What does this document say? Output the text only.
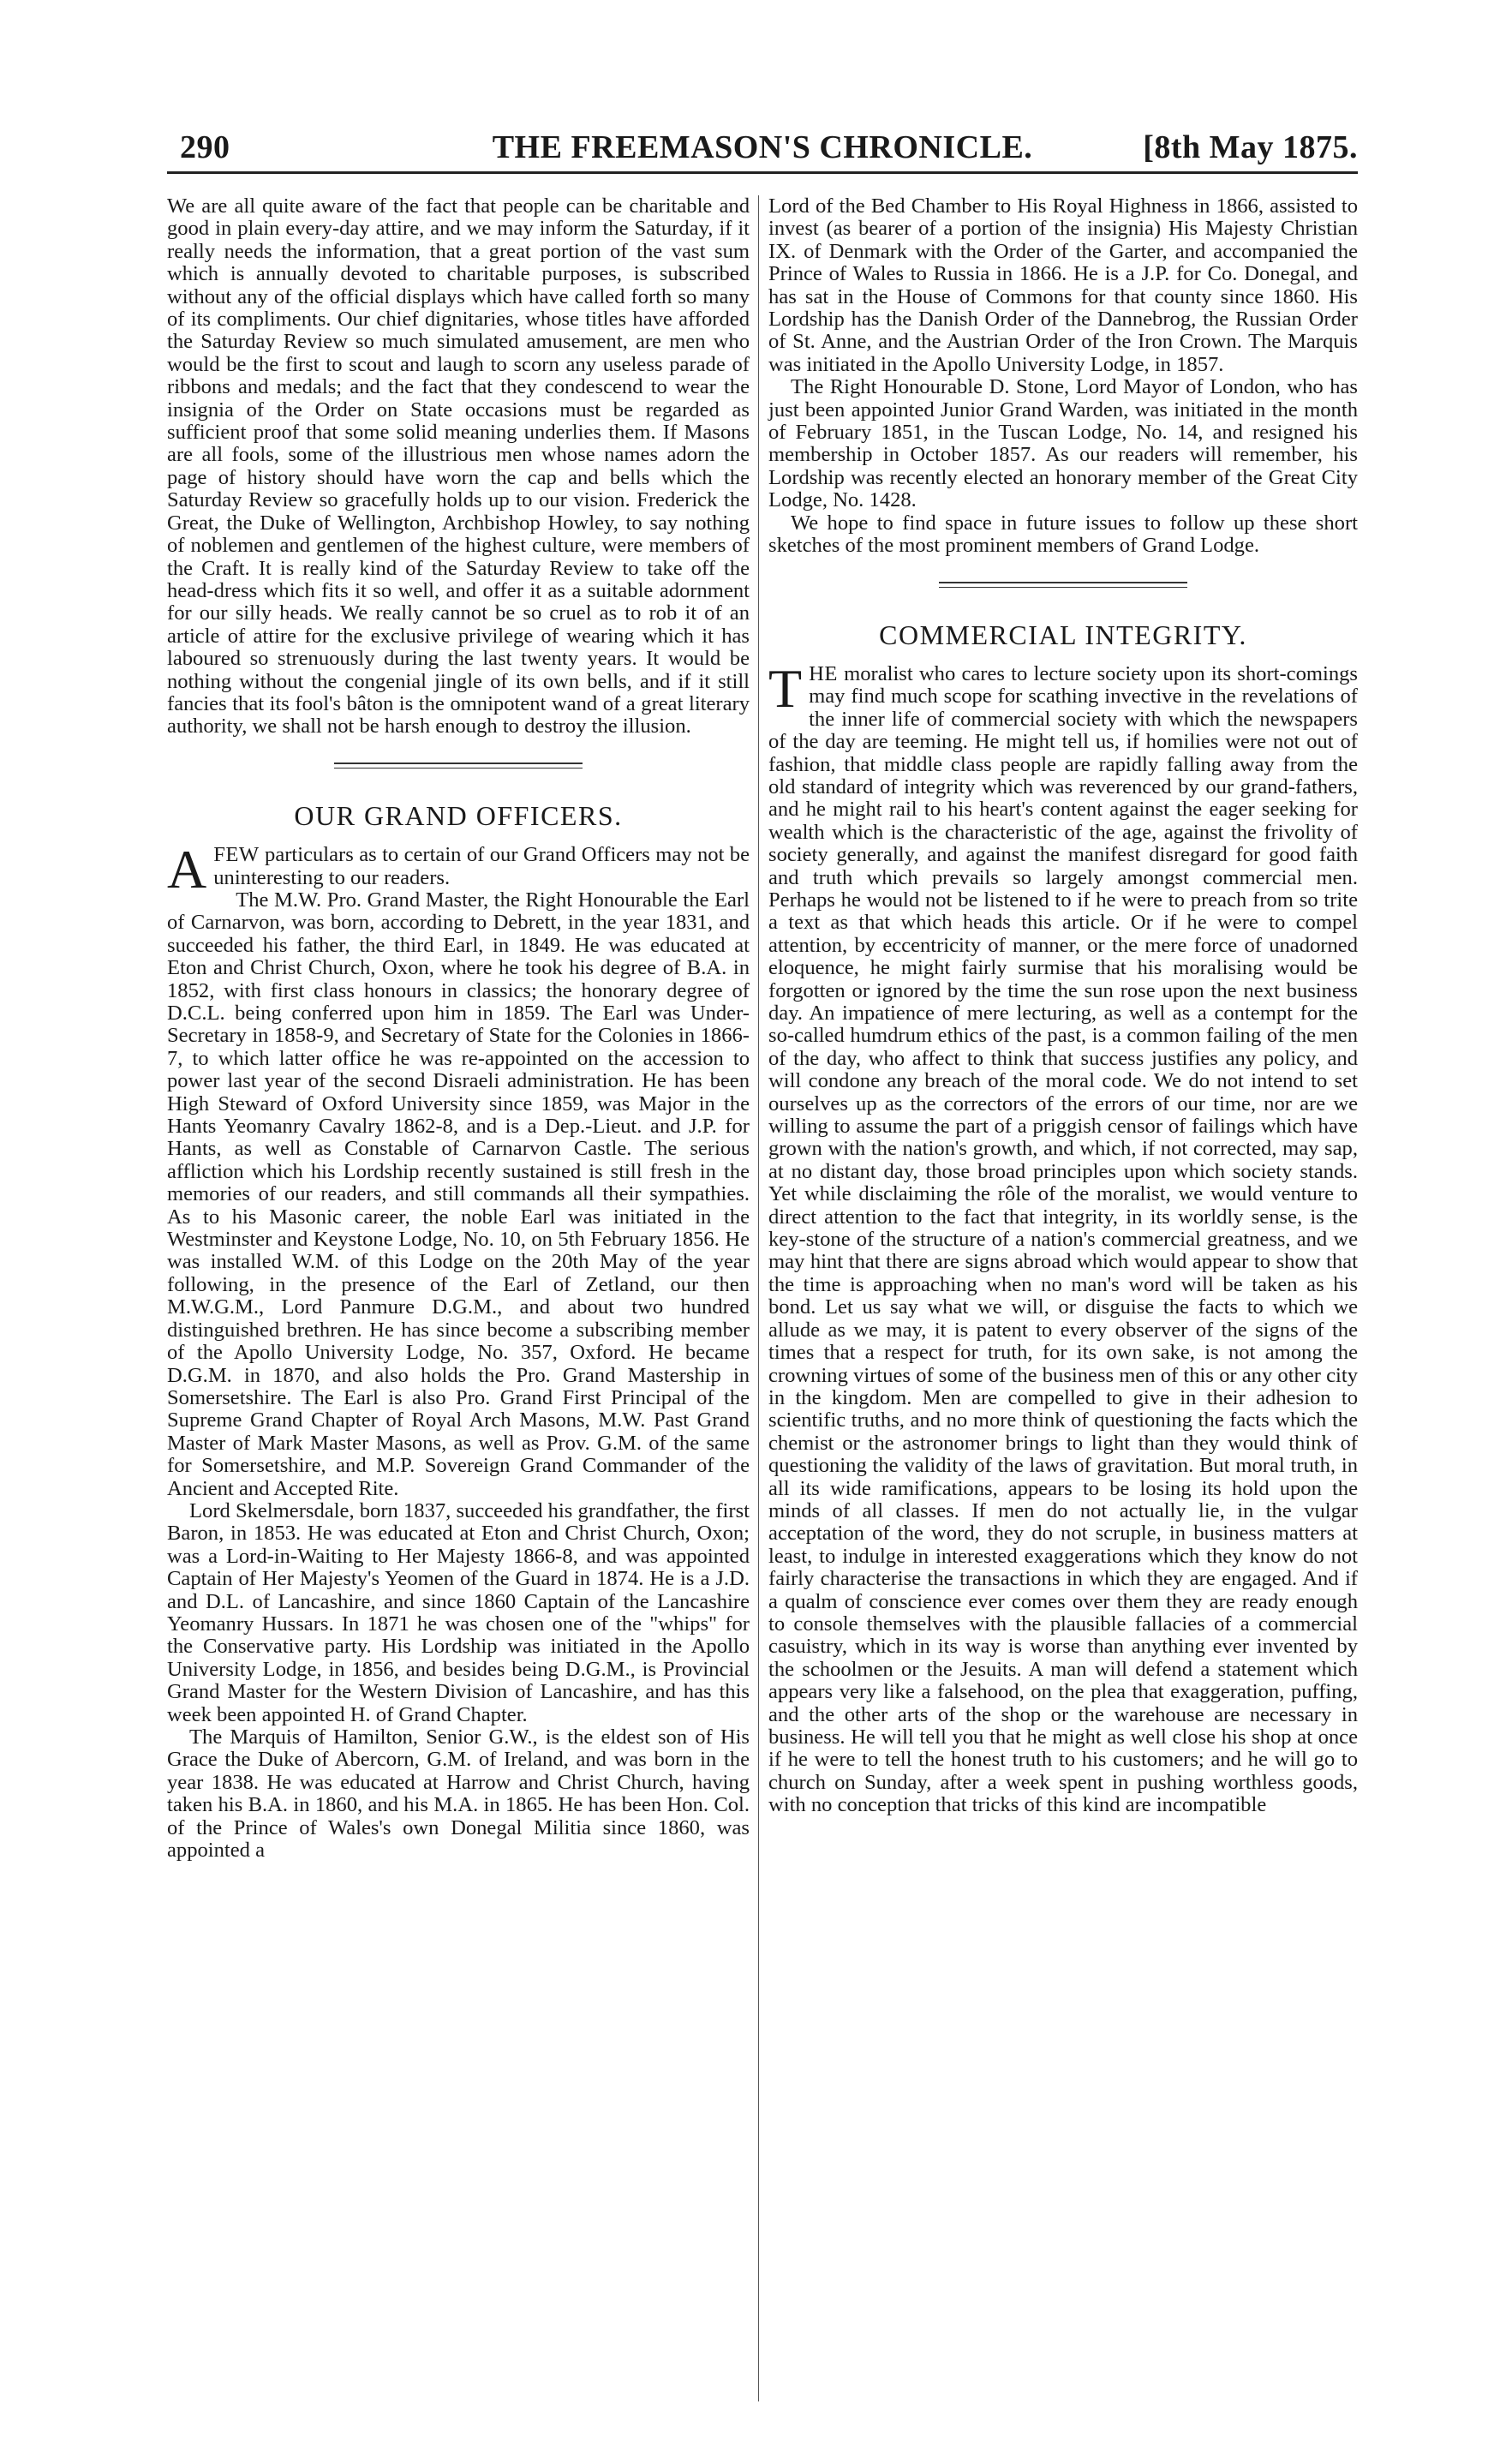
290	THE FREEMASON'S CHRONICLE.	[8th May 1875.

We are all quite aware of the fact that people can be charitable and good in plain every-day attire, and we may inform the Saturday, if it really needs the information, that a great portion of the vast sum which is annually devoted to charitable purposes, is subscribed without any of the official displays which have called forth so many of its compliments. Our chief dignitaries, whose titles have afforded the Saturday Review so much simulated amusement, are men who would be the first to scout and laugh to scorn any useless parade of ribbons and medals; and the fact that they condescend to wear the insignia of the Order on State occasions must be regarded as sufficient proof that some solid meaning underlies them. If Masons are all fools, some of the illustrious men whose names adorn the page of history should have worn the cap and bells which the Saturday Review so gracefully holds up to our vision. Frederick the Great, the Duke of Wellington, Archbishop Howley, to say nothing of noblemen and gentlemen of the highest culture, were members of the Craft. It is really kind of the Saturday Review to take off the head-dress which fits it so well, and offer it as a suitable adornment for our silly heads. We really cannot be so cruel as to rob it of an article of attire for the exclusive privilege of wearing which it has laboured so strenuously during the last twenty years. It would be nothing without the congenial jingle of its own bells, and if it still fancies that its fool's bâton is the omnipotent wand of a great literary authority, we shall not be harsh enough to destroy the illusion.

OUR GRAND OFFICERS.

AFEW particulars as to certain of our Grand Officers may not be uninteresting to our readers.

The M.W. Pro. Grand Master, the Right Honourable the Earl of Carnarvon, was born, according to Debrett, in the year 1831, and succeeded his father, the third Earl, in 1849. He was educated at Eton and Christ Church, Oxon, where he took his degree of B.A. in 1852, with first class honours in classics; the honorary degree of D.C.L. being conferred upon him in 1859. The Earl was Under-Secretary in 1858-9, and Secretary of State for the Colonies in 1866-7, to which latter office he was re-appointed on the accession to power last year of the second Disraeli administration. He has been High Steward of Oxford University since 1859, was Major in the Hants Yeomanry Cavalry 1862-8, and is a Dep.-Lieut. and J.P. for Hants, as well as Constable of Carnarvon Castle. The serious affliction which his Lordship recently sustained is still fresh in the memories of our readers, and still commands all their sympathies. As to his Masonic career, the noble Earl was initiated in the Westminster and Keystone Lodge, No. 10, on 5th February 1856. He was installed W.M. of this Lodge on the 20th May of the year following, in the presence of the Earl of Zetland, our then M.W.G.M., Lord Panmure D.G.M., and about two hundred distinguished brethren. He has since become a subscribing member of the Apollo University Lodge, No. 357, Oxford. He became D.G.M. in 1870, and also holds the Pro. Grand Mastership in Somersetshire. The Earl is also Pro. Grand First Principal of the Supreme Grand Chapter of Royal Arch Masons, M.W. Past Grand Master of Mark Master Masons, as well as Prov. G.M. of the same for Somersetshire, and M.P. Sovereign Grand Commander of the Ancient and Accepted Rite.

Lord Skelmersdale, born 1837, succeeded his grandfather, the first Baron, in 1853. He was educated at Eton and Christ Church, Oxon; was a Lord-in-Waiting to Her Majesty 1866-8, and was appointed Captain of Her Majesty's Yeomen of the Guard in 1874. He is a J.D. and D.L. of Lancashire, and since 1860 Captain of the Lancashire Yeomanry Hussars. In 1871 he was chosen one of the "whips" for the Conservative party. His Lordship was initiated in the Apollo University Lodge, in 1856, and besides being D.G.M., is Provincial Grand Master for the Western Division of Lancashire, and has this week been appointed H. of Grand Chapter.

The Marquis of Hamilton, Senior G.W., is the eldest son of His Grace the Duke of Abercorn, G.M. of Ireland, and was born in the year 1838. He was educated at Harrow and Christ Church, having taken his B.A. in 1860, and his M.A. in 1865. He has been Hon. Col. of the Prince of Wales's own Donegal Militia since 1860, was appointed a

Lord of the Bed Chamber to His Royal Highness in 1866, assisted to invest (as bearer of a portion of the insignia) His Majesty Christian IX. of Denmark with the Order of the Garter, and accompanied the Prince of Wales to Russia in 1866. He is a J.P. for Co. Donegal, and has sat in the House of Commons for that county since 1860. His Lordship has the Danish Order of the Dannebrog, the Russian Order of St. Anne, and the Austrian Order of the Iron Crown. The Marquis was initiated in the Apollo University Lodge, in 1857.

The Right Honourable D. Stone, Lord Mayor of London, who has just been appointed Junior Grand Warden, was initiated in the month of February 1851, in the Tuscan Lodge, No. 14, and resigned his membership in October 1857. As our readers will remember, his Lordship was recently elected an honorary member of the Great City Lodge, No. 1428.

We hope to find space in future issues to follow up these short sketches of the most prominent members of Grand Lodge.

COMMERCIAL INTEGRITY.

THE moralist who cares to lecture society upon its short-comings may find much scope for scathing invective in the revelations of the inner life of commercial society with which the newspapers of the day are teeming. He might tell us, if homilies were not out of fashion, that middle class people are rapidly falling away from the old standard of integrity which was reverenced by our grand-fathers, and he might rail to his heart's content against the eager seeking for wealth which is the characteristic of the age, against the frivolity of society generally, and against the manifest disregard for good faith and truth which prevails so largely amongst commercial men. Perhaps he would not be listened to if he were to preach from so trite a text as that which heads this article. Or if he were to compel attention, by eccentricity of manner, or the mere force of unadorned eloquence, he might fairly surmise that his moralising would be forgotten or ignored by the time the sun rose upon the next business day. An impatience of mere lecturing, as well as a contempt for the so-called humdrum ethics of the past, is a common failing of the men of the day, who affect to think that success justifies any policy, and will condone any breach of the moral code. We do not intend to set ourselves up as the correctors of the errors of our time, nor are we willing to assume the part of a priggish censor of failings which have grown with the nation's growth, and which, if not corrected, may sap, at no distant day, those broad principles upon which society stands. Yet while disclaiming the rôle of the moralist, we would venture to direct attention to the fact that integrity, in its worldly sense, is the key-stone of the structure of a nation's commercial greatness, and we may hint that there are signs abroad which would appear to show that the time is approaching when no man's word will be taken as his bond. Let us say what we will, or disguise the facts to which we allude as we may, it is patent to every observer of the signs of the times that a respect for truth, for its own sake, is not among the crowning virtues of some of the business men of this or any other city in the kingdom. Men are compelled to give in their adhesion to scientific truths, and no more think of questioning the facts which the chemist or the astronomer brings to light than they would think of questioning the validity of the laws of gravitation. But moral truth, in all its wide ramifications, appears to be losing its hold upon the minds of all classes. If men do not actually lie, in the vulgar acceptation of the word, they do not scruple, in business matters at least, to indulge in interested exaggerations which they know do not fairly characterise the transactions in which they are engaged. And if a qualm of conscience ever comes over them they are ready enough to console themselves with the plausible fallacies of a commercial casuistry, which in its way is worse than anything ever invented by the schoolmen or the Jesuits. A man will defend a statement which appears very like a falsehood, on the plea that exaggeration, puffing, and the other arts of the shop or the warehouse are necessary in business. He will tell you that he might as well close his shop at once if he were to tell the honest truth to his customers; and he will go to church on Sunday, after a week spent in pushing worthless goods, with no conception that tricks of this kind are incompatible
